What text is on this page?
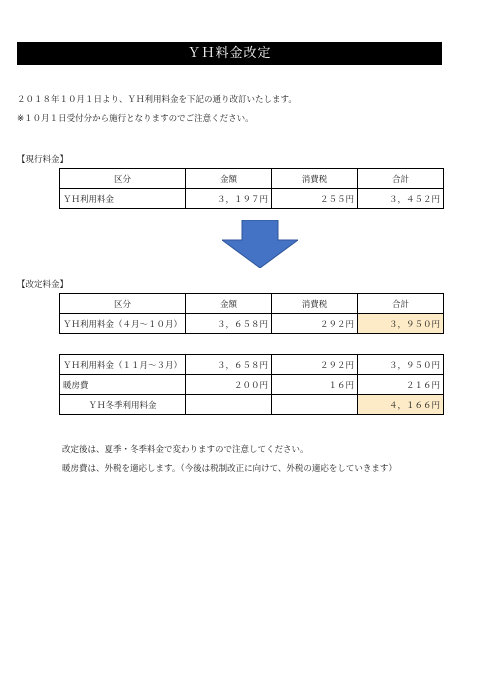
ＹＨ料金改定
２０１８年１０月１日より、ＹＨ利用料金を下記の通り改訂いたします。
※１０月１日受付分から施行となりますのでご注意ください。
【現行料金】
区分	金額	消費税	合計
ＹＨ利用料金	３，１９７円	２５５円	３，４５２円
【改定料金】
区分	金額	消費税	合計
ＹＨ利用料金（４月～１０月）	３，６５８円	２９２円	３，９５０円
ＹＨ利用料金（１１月～３月）	３，６５８円	２９２円	３，９５０円
暖房費	２００円	１６円	２１６円
ＹＨ冬季利用料金			４，１６６円
改定後は、夏季・冬季料金で変わりますので注意してください。
暖房費は、外税を適応します。（今後は税制改正に向けて、外税の適応をしていきます）
